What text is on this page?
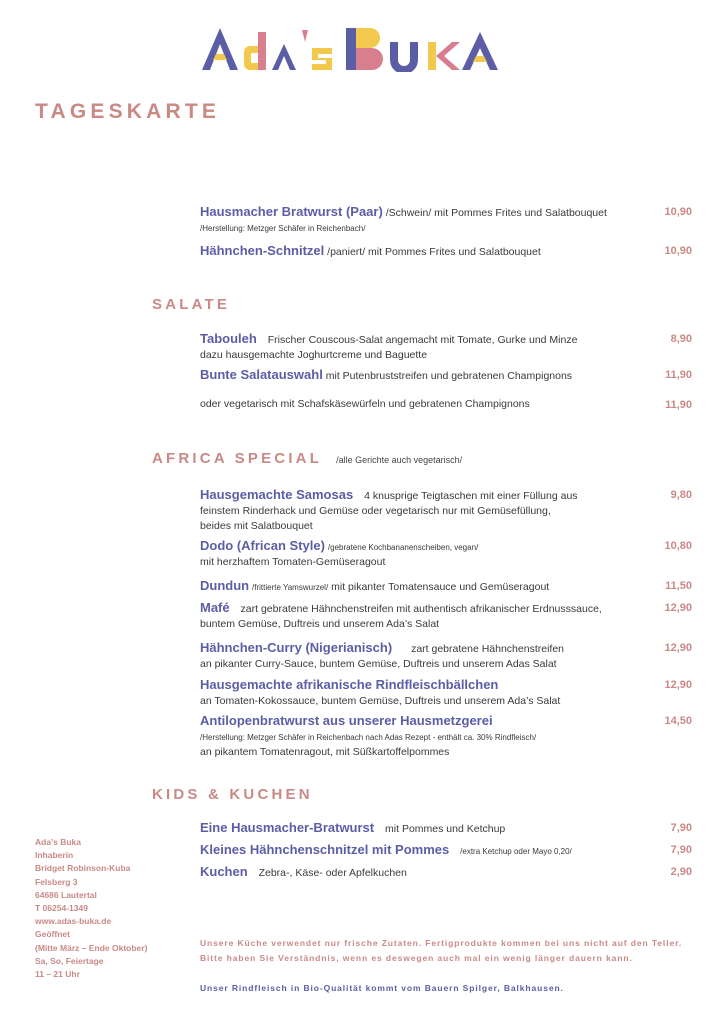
TAGESKARTE
Hausmacher Bratwurst (Paar) /Schwein/ mit Pommes Frites und Salatbouquet
/Herstellung: Metzger Schäfer in Reichenbach/
10,90
Hähnchen-Schnitzel /paniert/ mit Pommes Frites und Salatbouquet	10,90
SALATE
Tabouleh Frischer Couscous-Salat angemacht mit Tomate, Gurke und Minze
dazu hausgemachte Joghurtcreme und Baguette
8,90
Bunte Salatauswahl mit Putenbruststreifen und gebratenen Champignons	11,90
oder vegetarisch mit Schafskäsewürfeln und gebratenen Champignons	11,90
AFRICA SPECIAL /alle Gerichte auch vegetarisch/
Hausgemachte Samosas 4 knusprige Teigtaschen mit einer Füllung aus
feinstem Rinderhack und Gemüse oder vegetarisch nur mit Gemüsefüllung,
beides mit Salatbouquet
9,80
Dodo (African Style) /gebratene Kochbananenscheiben, vegan/
mit herzhaftem Tomaten-Gemüseragout
10,80
Dundun /frittierte Yamswurzel/ mit pikanter Tomatensauce und Gemüseragout	11,50
Mafé zart gebratene Hähnchenstreifen mit authentisch afrikanischer Erdnusssauce,
buntem Gemüse, Duftreis und unserem Ada’s Salat
12,90
Hähnchen-Curry (Nigerianisch) zart gebratene Hähnchenstreifen
an pikanter Curry-Sauce, buntem Gemüse, Duftreis und unserem Adas Salat
12,90
Hausgemachte afrikanische Rindfleischbällchen
an Tomaten-Kokossauce, buntem Gemüse, Duftreis und unserem Ada’s Salat
12,90
Antilopenbratwurst aus unserer Hausmetzgerei
/Herstellung: Metzger Schäfer in Reichenbach nach Adas Rezept - enthält ca. 30% Rindfleisch/
an pikantem Tomatenragout, mit Süßkartoffelpommes
14,50
KIDS & KUCHEN
Eine Hausmacher-Bratwurst mit Pommes und Ketchup	7,90
Kleines Hähnchenschnitzel mit Pommes /extra Ketchup oder Mayo 0,20/	7,90
Kuchen Zebra-, Käse- oder Apfelkuchen	2,90
Ada’s Buka
Inhaberin
Bridget Robinson-Kuba
Felsberg 3
64686 Lautertal
T 06254-1349
www.adas-buka.de
Geöffnet
(Mitte März – Ende Oktober)
Sa, So, Feiertage
11 – 21 Uhr
Unsere Küche verwendet nur frische Zutaten. Fertigprodukte kommen bei uns nicht auf den Teller.
Bitte haben Sie Verständnis, wenn es deswegen auch mal ein wenig länger dauern kann.
Unser Rindfleisch in Bio-Qualität kommt vom Bauern Spilger, Balkhausen.
